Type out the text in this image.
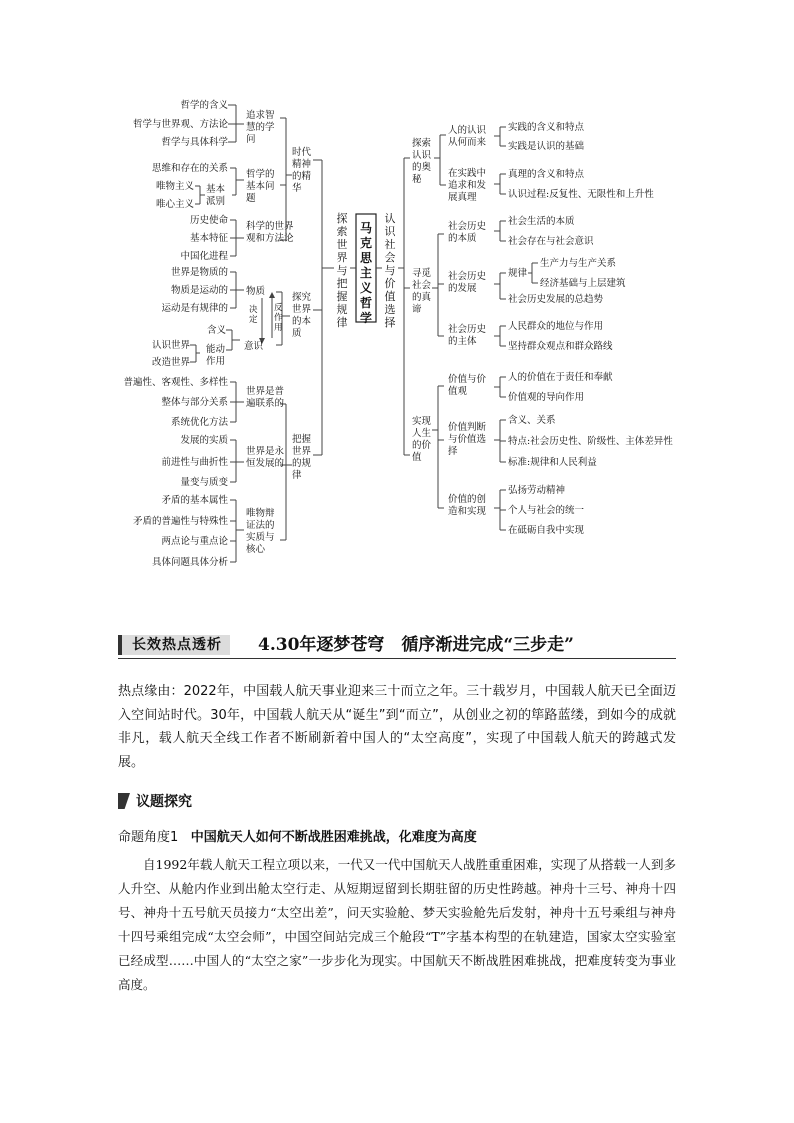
马克思主义哲学
探索世界与把握规律
认识社会与价值选择
时代精神的精华
探究世界的本质
把握世界的规律
追求智慧的学问
哲学的基本问题
科学的世界观和方法论
世界是普遍联系的
世界是永恒发展的
唯物辩证法的实质与核心
哲学的含义
哲学与世界观、方法论
哲学与具体科学
思维和存在的关系
唯物主义
唯心主义
历史使命
基本特征
中国化进程
世界是物质的
物质是运动的
运动是有规律的
含义
认识世界
改造世界
普遍性、客观性、多样性
整体与部分关系
系统优化方法
发展的实质
前进性与曲折性
量变与质变
矛盾的基本属性
矛盾的普遍性与特殊性
两点论与重点论
具体问题具体分析
基本派别
物质
意识
能动作用
决定
反作用
探索认识的奥秘
寻觅社会的真谛
实现人生的价值
人的认识从何而来
在实践中追求和发展真理
社会历史的本质
社会历史的发展
社会历史的主体
价值与价值观
价值判断与价值选择
价值的创造和实现
实践的含义和特点
实践是认识的基础
真理的含义和特点
认识过程:反复性、无限性和上升性
社会生活的本质
社会存在与社会意识
规律
生产力与生产关系
经济基础与上层建筑
社会历史发展的总趋势
人民群众的地位与作用
坚持群众观点和群众路线
人的价值在于责任和奉献
价值观的导向作用
含义、关系
特点:社会历史性、阶级性、主体差异性
标准:规律和人民利益
弘扬劳动精神
个人与社会的统一
在砥砺自我中实现
长效热点透析	4.30年逐梦苍穹　循序渐进完成“三步走”
热点缘由：2022年，中国载人航天事业迎来三十而立之年。三十载岁月，中国载人航天已全面迈入空间站时代。30年，中国载人航天从“诞生”到“而立”，从创业之初的筚路蓝缕，到如今的成就非凡，载人航天全线工作者不断刷新着中国人的“太空高度”，实现了中国载人航天的跨越式发展。
议题探究
命题角度1 中国航天人如何不断战胜困难挑战，化难度为高度
自1992年载人航天工程立项以来，一代又一代中国航天人战胜重重困难，实现了从搭载一人到多人升空、从舱内作业到出舱太空行走、从短期逗留到长期驻留的历史性跨越。神舟十三号、神舟十四号、神舟十五号航天员接力“太空出差”，问天实验舱、梦天实验舱先后发射，神舟十五号乘组与神舟十四号乘组完成“太空会师”，中国空间站完成三个舱段“T”字基本构型的在轨建造，国家太空实验室已经成型……中国人的“太空之家”一步步化为现实。中国航天不断战胜困难挑战，把难度转变为事业高度。
